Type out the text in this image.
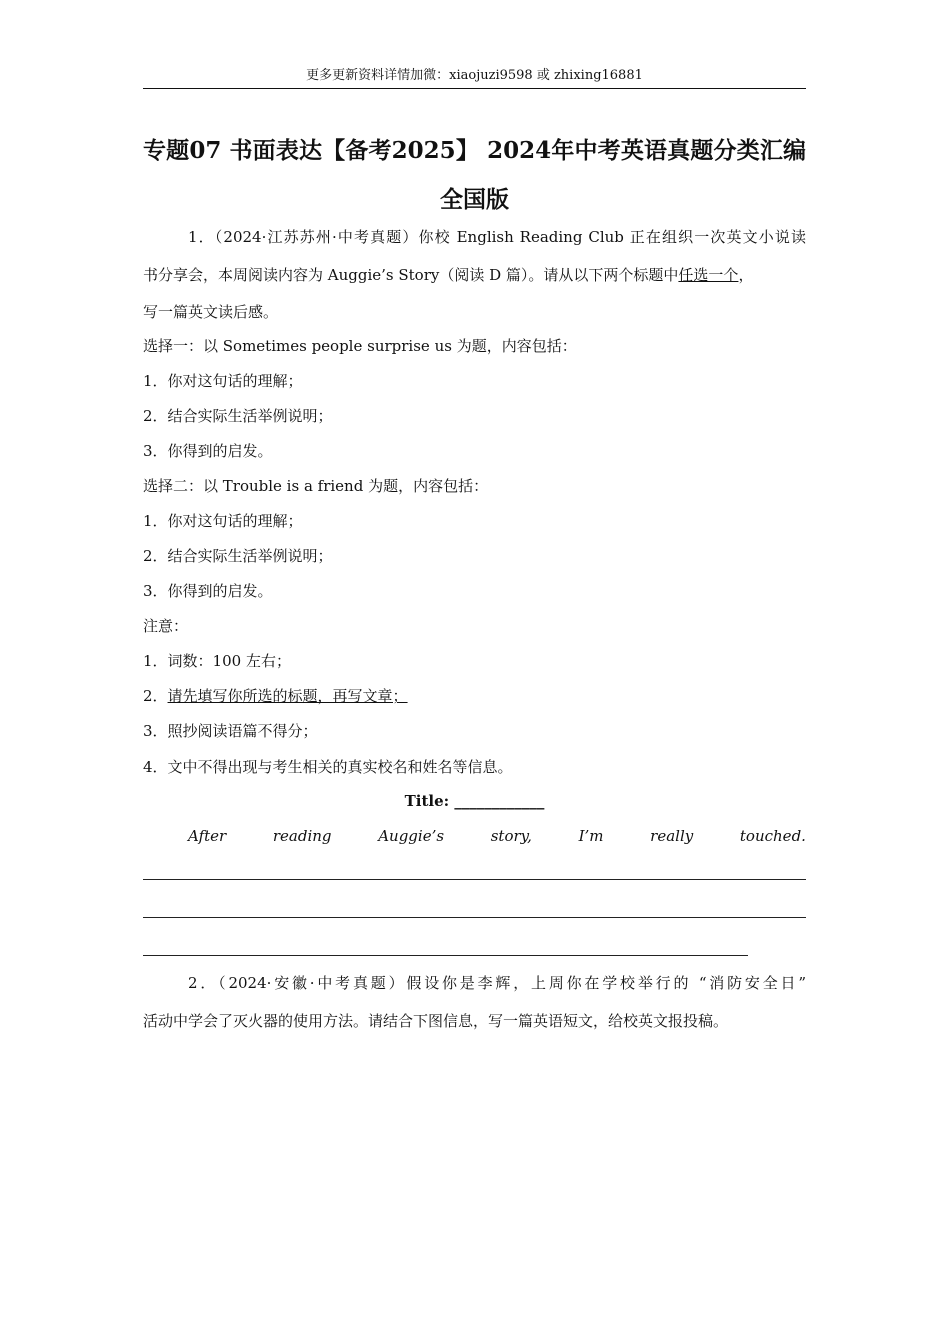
更多更新资料详情加微：xiaojuzi9598 或 zhixing16881
专题07 书面表达【备考2025】 2024年中考英语真题分类汇编
全国版
1．（2024·江苏苏州·中考真题）你校 English Reading Club 正在组织一次英文小说读
书分享会，本周阅读内容为 Auggie’s Story（阅读 D 篇）。请从以下两个标题中任选一个，
写一篇英文读后感。
选择一：以 Sometimes people surprise us 为题，内容包括：
1．你对这句话的理解；
2．结合实际生活举例说明；
3．你得到的启发。
选择二：以 Trouble is a friend 为题，内容包括：
1．你对这句话的理解；
2．结合实际生活举例说明；
3．你得到的启发。
注意：
1．词数：100 左右；
2．请先填写你所选的标题，再写文章；
3．照抄阅读语篇不得分；
4．文中不得出现与考生相关的真实校名和姓名等信息。
Title: ____________
After	reading	Auggie’s	story,	I’m	really	touched.
2．（2024·安徽·中考真题）假设你是李辉，上周你在学校举行的 “消防安全日”
活动中学会了灭火器的使用方法。请结合下图信息，写一篇英语短文，给校英文报投稿。
